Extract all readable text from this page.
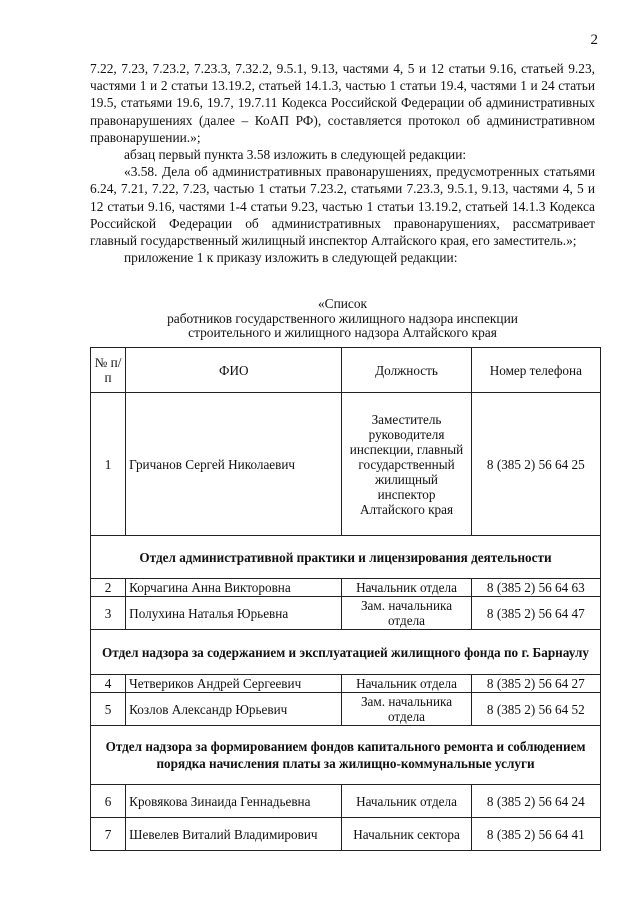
2

7.22, 7.23, 7.23.2, 7.23.3, 7.32.2, 9.5.1, 9.13, частями 4, 5 и 12 статьи 9.16, статьей 9.23, частями 1 и 2 статьи 13.19.2, статьей 14.1.3, частью 1 статьи 19.4, частями 1 и 24 статьи 19.5, статьями 19.6, 19.7, 19.7.11 Кодекса Российской Федерации об административных правонарушениях (далее – КоАП РФ), составляется протокол об административном правонарушении.»;

абзац первый пункта 3.58 изложить в следующей редакции:

«3.58. Дела об административных правонарушениях, предусмотренных статьями 6.24, 7.21, 7.22, 7.23, частью 1 статьи 7.23.2, статьями 7.23.3, 9.5.1, 9.13, частями 4, 5 и 12 статьи 9.16, частями 1-4 статьи 9.23, частью 1 статьи 13.19.2, статьей 14.1.3 Кодекса Российской Федерации об административных правонарушениях, рассматривает главный государственный жилищный инспектор Алтайского края, его заместитель.»;

приложение 1 к приказу изложить в следующей редакции:

«Список
работников государственного жилищного надзора инспекции
строительного и жилищного надзора Алтайского края
№ п/п	ФИО	Должность	Номер телефона
1	Гричанов Сергей Николаевич	Заместитель руководителя инспекции, главный государственный жилищный инспектор Алтайского края	8 (385 2) 56 64 25
Отдел административной практики и лицензирования деятельности			
2	Корчагина Анна Викторовна	Начальник отдела	8 (385 2) 56 64 63
3	Полухина Наталья Юрьевна	Зам. начальника отдела	8 (385 2) 56 64 47
Отдел надзора за содержанием и эксплуатацией жилищного фонда по г. Барнаулу			
4	Четвериков Андрей Сергеевич	Начальник отдела	8 (385 2) 56 64 27
5	Козлов Александр Юрьевич	Зам. начальника отдела	8 (385 2) 56 64 52
Отдел надзора за формированием фондов капитального ремонта и соблюдением порядка начисления платы за жилищно-коммунальные услуги			
6	Кровякова Зинаида Геннадьевна	Начальник отдела	8 (385 2) 56 64 24
7	Шевелев Виталий Владимирович	Начальник сектора	8 (385 2) 56 64 41
